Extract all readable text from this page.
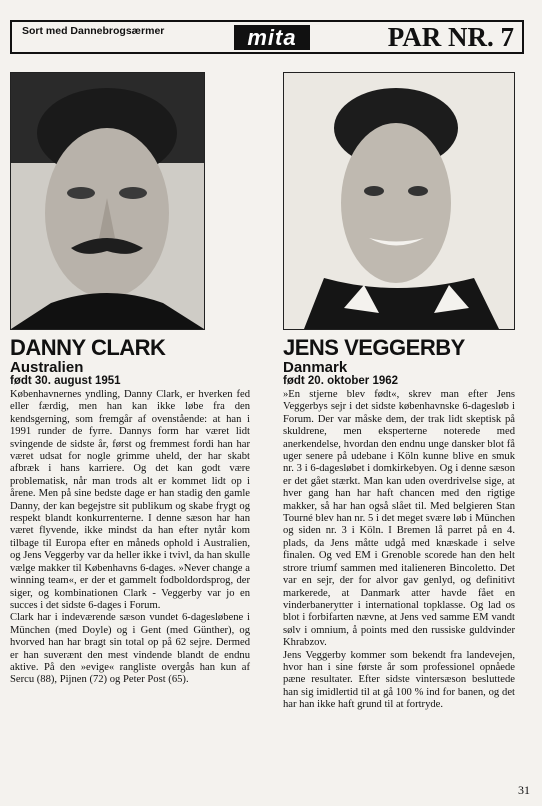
Sort med Dannebrogsærmer	mita	PAR NR. 7
DANNY CLARK
Australien
født 30. august 1951

Københavnernes yndling, Danny Clark, er hverken fed eller færdig, men han kan ikke løbe fra den kendsgerning, som fremgår af ovenstående: at han i 1991 runder de fyrre. Dannys form har været lidt svingende de sidste år, først og fremmest fordi han har været udsat for nogle grimme uheld, der har skabt afbræk i hans karriere. Og det kan godt være problematisk, når man trods alt er kommet lidt op i årene. Men på sine bedste dage er han stadig den gamle Danny, der kan begejstre sit publikum og skabe frygt og respekt blandt konkurrenterne. I denne sæson har han været flyvende, ikke mindst da han efter nytår kom tilbage til Europa efter en måneds ophold i Australien, og Jens Veggerby var da heller ikke i tvivl, da han skulle vælge makker til Københavns 6-dages. »Never change a winning team«, er der et gammelt fodboldordsprog, der siger, og kombinationen Clark - Veggerby var jo en succes i det sidste 6-dages i Forum.

Clark har i indeværende sæson vundet 6-dagesløbene i München (med Doyle) og i Gent (med Günther), og hvorved han har bragt sin total op på 62 sejre. Dermed er han suverænt den mest vindende blandt de endnu aktive. På den »evige« rangliste overgås han kun af Sercu (88), Pijnen (72) og Peter Post (65).

JENS VEGGERBY
Danmark
født 20. oktober 1962

»En stjerne blev født«, skrev man efter Jens Veggerbys sejr i det sidste københavnske 6-dagesløb i Forum. Der var måske dem, der trak lidt skeptisk på skuldrene, men eksperterne noterede med anerkendelse, hvordan den endnu unge dansker blot få uger senere på udebane i Köln kunne blive en smuk nr. 3 i 6-dagesløbet i domkirkebyen. Og i denne sæson er det gået stærkt. Man kan uden overdrivelse sige, at hver gang han har haft chancen med den rigtige makker, så har han også slået til. Med belgieren Stan Tourné blev han nr. 5 i det meget svære løb i München og siden nr. 3 i Köln. I Bremen lå parret på en 4. plads, da Jens måtte udgå med knæskade i selve finalen. Og ved EM i Grenoble scorede han den helt strore triumf sammen med italieneren Bincoletto. Det var en sejr, der for alvor gav genlyd, og definitivt markerede, at Danmark atter havde fået en vinderbanerytter i international topklasse. Og lad os blot i forbifarten nævne, at Jens ved samme EM vandt sølv i omnium, å points med den russiske guldvinder Khrabzov.

Jens Veggerby kommer som bekendt fra landevejen, hvor han i sine første år som professionel opnåede pæne resultater. Efter sidste vintersæson besluttede han sig imidlertid til at gå 100 % ind for banen, og det har han ikke haft grund til at fortryde.

31
